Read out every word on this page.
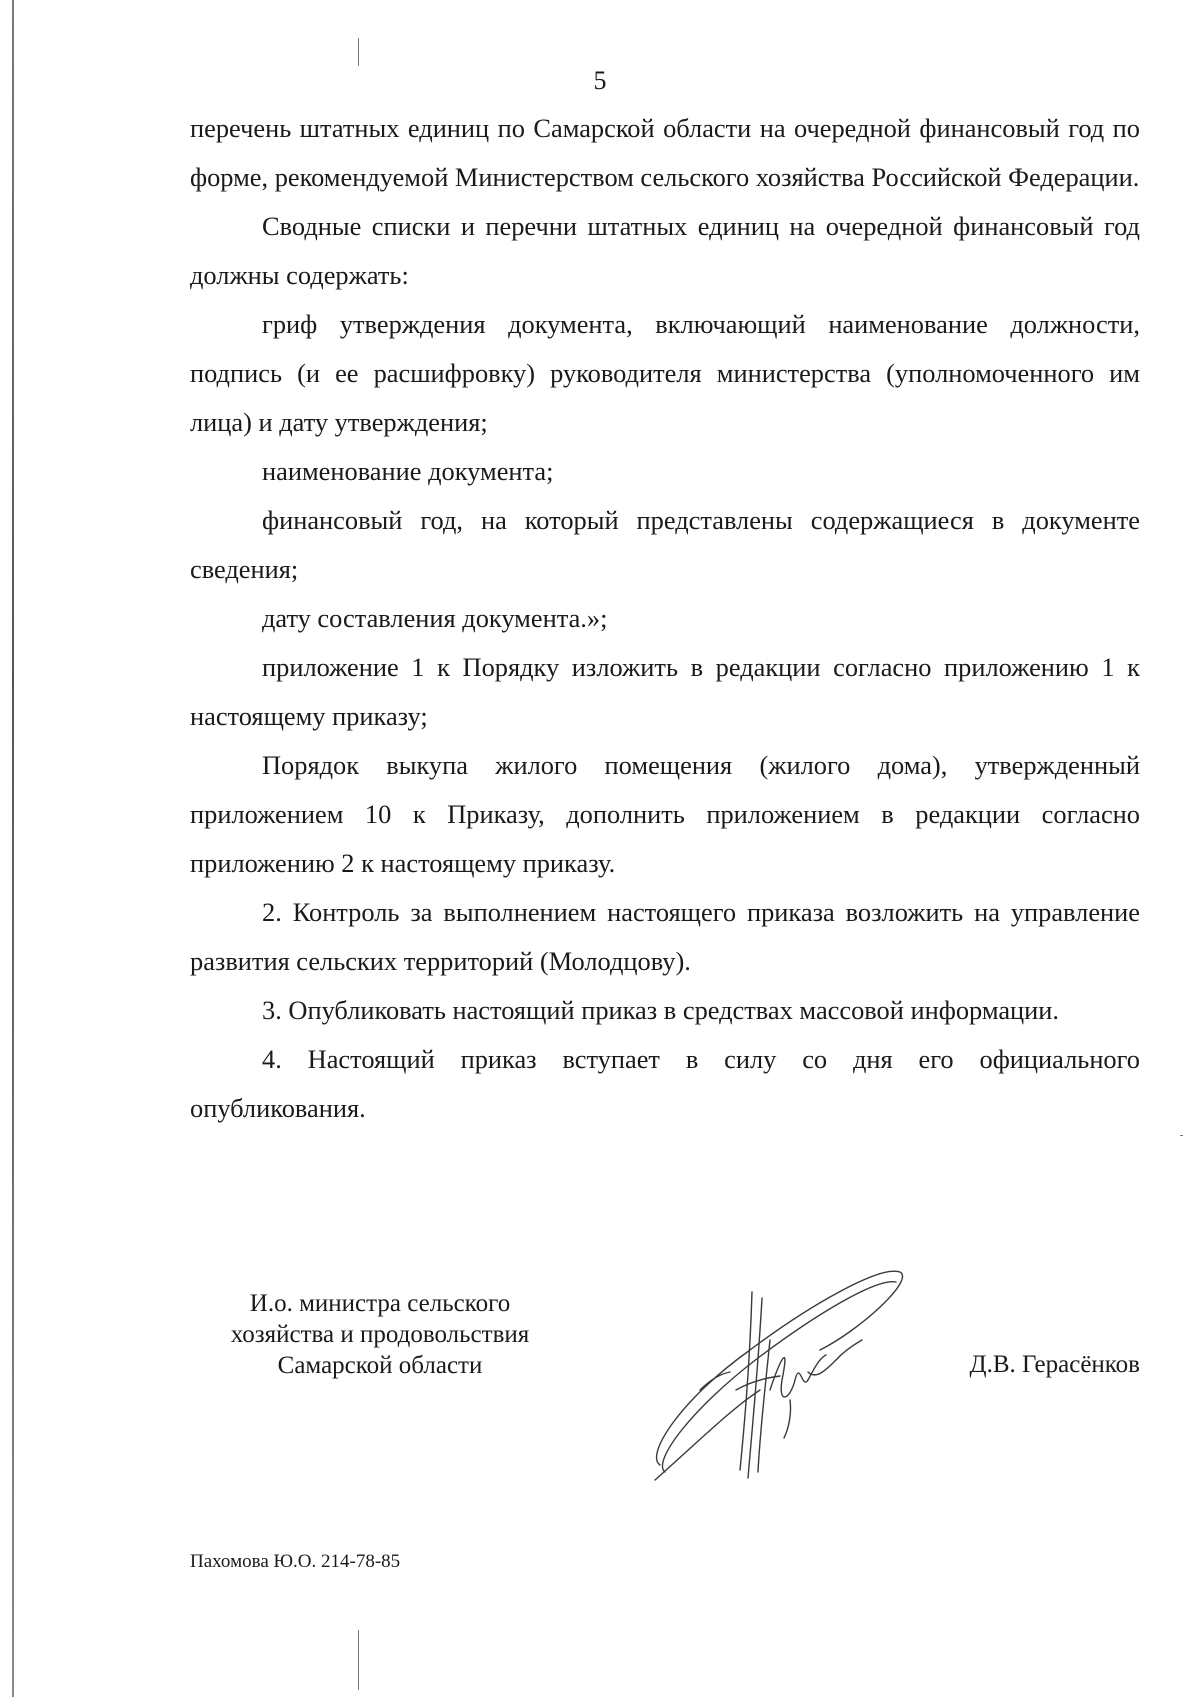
5

перечень штатных единиц по Самарской области на очередной финансовый год по форме, рекомендуемой Министерством сельского хозяйства Российской Федерации.

Сводные списки и перечни штатных единиц на очередной финансовый год должны содержать:

гриф утверждения документа, включающий наименование должности, подпись (и ее расшифровку) руководителя министерства (уполномоченного им лица) и дату утверждения;

наименование документа;

финансовый год, на который представлены содержащиеся в документе сведения;

дату составления документа.»;

приложение 1 к Порядку изложить в редакции согласно приложению 1 к настоящему приказу;

Порядок выкупа жилого помещения (жилого дома), утвержденный приложением 10 к Приказу, дополнить приложением в редакции согласно приложению 2 к настоящему приказу.

2. Контроль за выполнением настоящего приказа возложить на управление развития сельских территорий (Молодцову).

3. Опубликовать настоящий приказ в средствах массовой информации.

4. Настоящий приказ вступает в силу со дня его официального опубликования.

И.о. министра сельского
хозяйства и продовольствия
Самарской области	Д.В. Герасёнков
Пахомова Ю.О. 214-78-85
